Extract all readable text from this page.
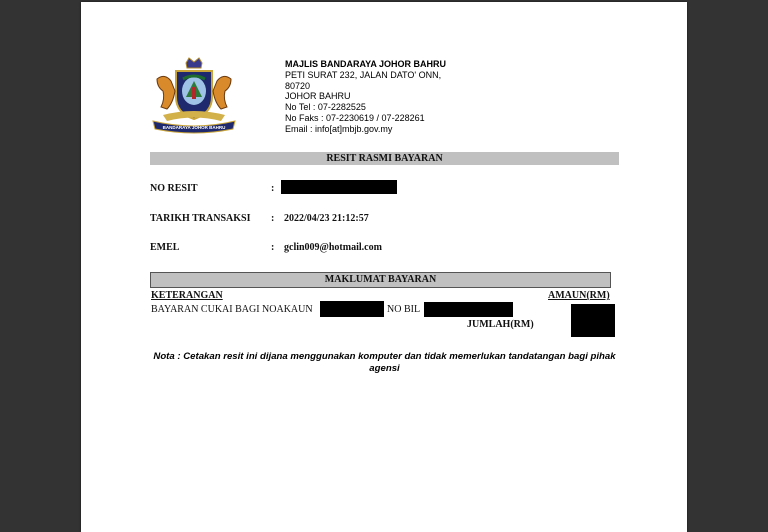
BANDARAYA JOHOR BAHRU
MAJLIS BANDARAYA JOHOR BAHRU
PETI SURAT 232, JALAN DATO' ONN,
80720
JOHOR BAHRU
No Tel : 07-2282525
No Faks : 07-2230619 / 07-228261
Email : info[at]mbjb.gov.my
RESIT RASMI BAYARAN
NO RESIT	:
TARIKH TRANSAKSI : 2022/04/23 21:12:57
EMEL	: gclin009@hotmail.com
MAKLUMAT BAYARAN
KETERANGAN	AMAUN(RM)
BAYARAN CUKAI BAGI NOAKAUN	NO BIL
JUMLAH(RM)
Nota : Cetakan resit ini dijana menggunakan komputer dan tidak memerlukan tandatangan bagi pihak agensi
